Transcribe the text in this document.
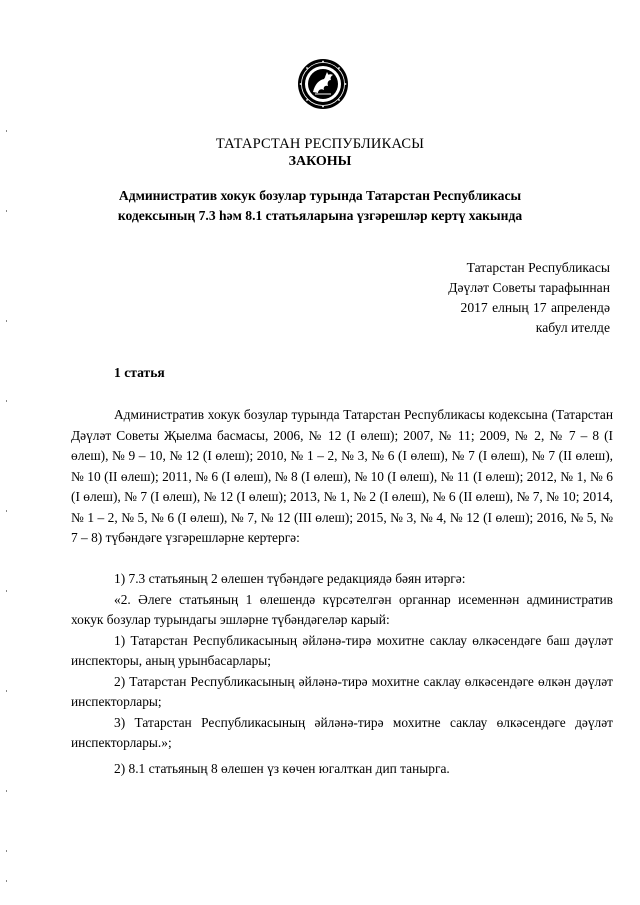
ТАТАРСТАН РЕСПУБЛИКАСЫ
ЗАКОНЫ
Административ хокук бозулар турында Татарстан Республикасы
кодексының 7.3 һәм 8.1 статьяларына үзгәрешләр кертү хакында
Татарстан Республикасы
Дәүләт Советы тарафыннан
2017 елның 17 апрелендә
кабул ителде
1 статья

Административ хокук бозулар турында Татарстан Республикасы кодексына (Татарстан Дәүләт Советы Җыелма басмасы, 2006, № 12 (I өлеш); 2007, № 11; 2009, № 2, № 7 – 8 (I өлеш), № 9 – 10, № 12 (I өлеш); 2010, № 1 – 2, № 3, № 6 (I өлеш), № 7 (I өлеш), № 7 (II өлеш), № 10 (II өлеш); 2011, № 6 (I өлеш), № 8 (I өлеш), № 10 (I өлеш), № 11 (I өлеш); 2012, № 1, № 6 (I өлеш), № 7 (I өлеш), № 12 (I өлеш); 2013, № 1, № 2 (I өлеш), № 6 (II өлеш), № 7, № 10; 2014, № 1 – 2, № 5, № 6 (I өлеш), № 7, № 12 (III өлеш); 2015, № 3, № 4, № 12 (I өлеш); 2016, № 5, № 7 – 8) түбәндәге үзгәрешләрне кертергә:

1) 7.3 статьяның 2 өлешен түбәндәге редакциядә бәян итәргә:

«2. Әлеге статьяның 1 өлешендә күрсәтелгән органнар исеменнән административ хокук бозулар турындагы эшләрне түбәндәгеләр карый:

1) Татарстан Республикасының әйләнә-тирә мохитне саклау өлкәсендәге баш дәүләт инспекторы, аның урынбасарлары;

2) Татарстан Республикасының әйләнә-тирә мохитне саклау өлкәсендәге өлкән дәүләт инспекторлары;

3) Татарстан Республикасының әйләнә-тирә мохитне саклау өлкәсендәге дәүләт инспекторлары.»;

2) 8.1 статьяның 8 өлешен үз көчен югалткан дип танырга.
